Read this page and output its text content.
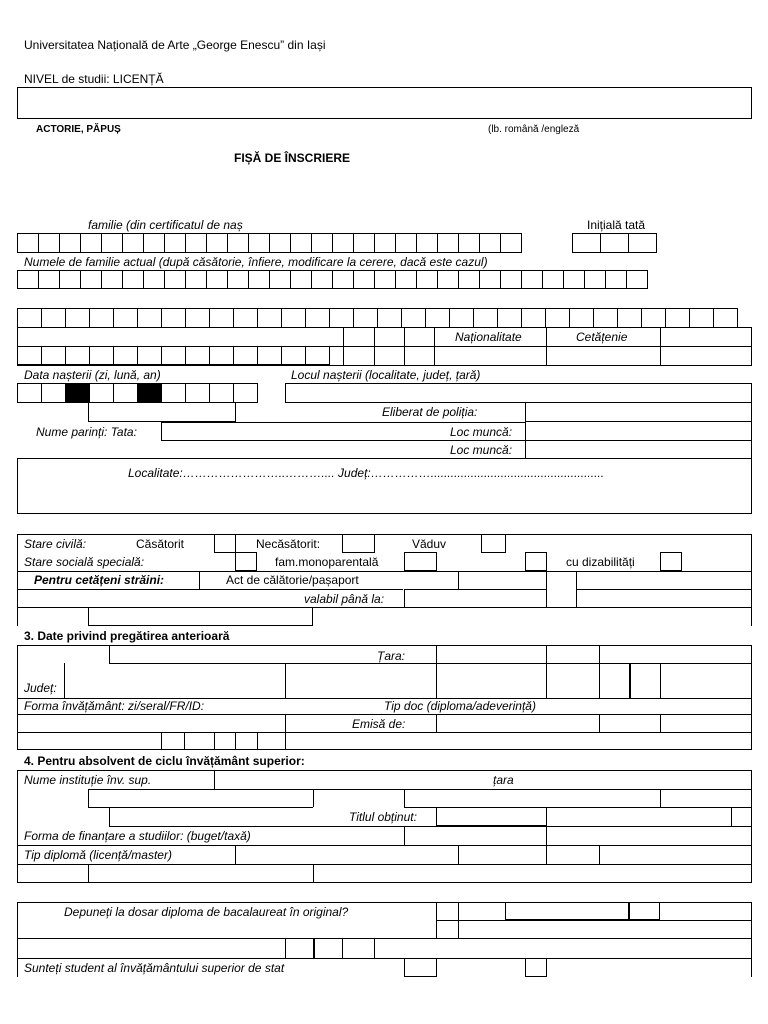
Universitatea Națională de Arte „George Enescu” din Iași
NIVEL de studii: LICENȚĂ
ACTORIE, PĂPUȘ	(lb. română /engleză
FIȘĂ DE ÎNSCRIERE
familie (din certificatul de naș	Inițială tată
Numele de familie actual (după căsătorie, înfiere, modificare la cerere, dacă este cazul)
Naționalitate	Cetățenie
Data nașterii (zi, lună, an)	Locul nașterii (localitate, județ, țară)
Eliberat de poliția:
Nume parinți: Tata:	Loc muncă:
Loc muncă:
Localitate:……………………..……….... Județ:……………....................................................
Stare civilă:	Căsătorit	Necăsătorit:	Văduv
Stare socială specială:	fam.monoparentală	cu dizabilități
Pentru cetățeni străini:	Act de călătorie/pașaport
valabil până la:
3. Date privind pregătirea anterioară
Țara:
Județ:
Forma învățământ: zi/seral/FR/ID:	Tip doc (diploma/adeverință)
Emisă de:
4. Pentru absolvent de ciclu învățământ superior:
Nume instituție înv. sup.	țara
Titlul obținut:
Forma de finanțare a studiilor: (buget/taxă)
Tip diplomă (licență/master)
Depuneți la dosar diploma de bacalaureat în original?
Sunteți student al învățământului superior de stat
